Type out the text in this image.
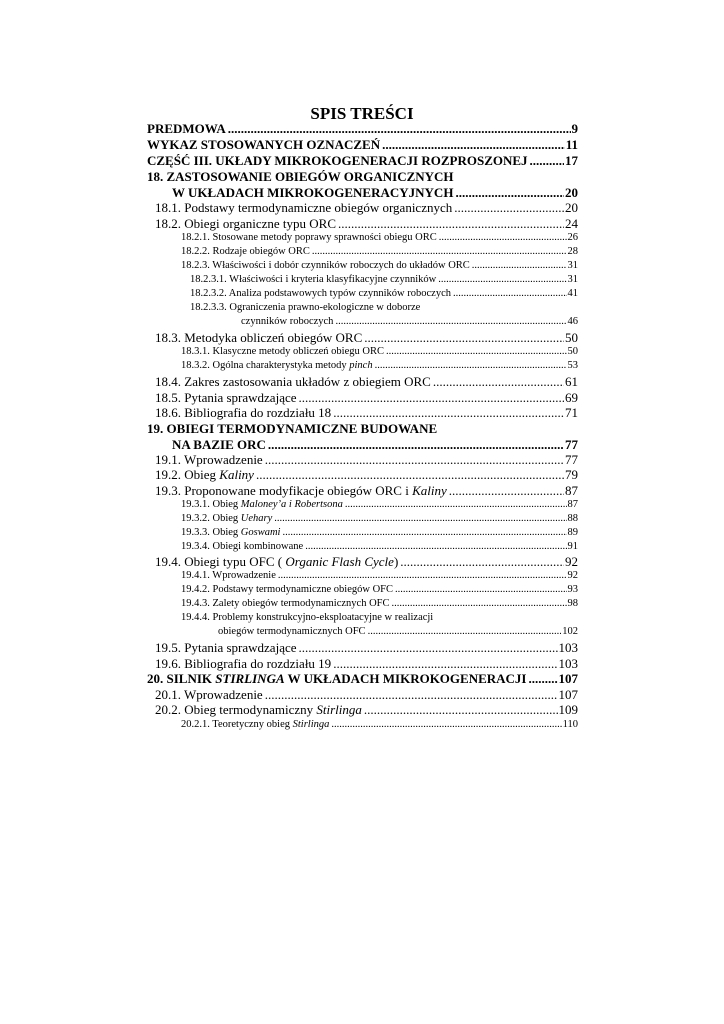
SPIS TREŚCI
PREDMOWA .....	9
WYKAZ STOSOWANYCH OZNACZEŃ .....	11
CZĘŚĆ III. UKŁADY MIKROKOGENERACJI ROZPROSZONEJ .....	17
18. ZASTOSOWANIE OBIEGÓW ORGANICZNYCH
W UKŁADACH MIKROKOGENERACYJNYCH .....	20
18.1. Podstawy termodynamiczne obiegów organicznych .....	20
18.2. Obiegi organiczne typu ORC .....	24
18.2.1. Stosowane metody poprawy sprawności obiegu ORC .....	26
18.2.2. Rodzaje obiegów ORC .....	28
18.2.3. Właściwości i dobór czynników roboczych do układów ORC .....	31
18.2.3.1. Właściwości i kryteria klasyfikacyjne czynników .....	31
18.2.3.2. Analiza podstawowych typów czynników roboczych .....	41
18.2.3.3. Ograniczenia prawno-ekologiczne w doborze
czynników roboczych .....	46
18.3. Metodyka obliczeń obiegów ORC .....	50
18.3.1. Klasyczne metody obliczeń obiegu ORC .....	50
18.3.2. Ogólna charakterystyka metody pinch .....	53
18.4. Zakres zastosowania układów z obiegiem ORC .....	61
18.5. Pytania sprawdzające .....	69
18.6. Bibliografia do rozdziału 18 .....	71
19. OBIEGI TERMODYNAMICZNE BUDOWANE
NA BAZIE ORC .....	77
19.1. Wprowadzenie .....	77
19.2. Obieg Kaliny .....	79
19.3. Proponowane modyfikacje obiegów ORC i Kaliny .....	87
19.3.1. Obieg Maloney’a i Robertsona .....	87
19.3.2. Obieg Uehary .....	88
19.3.3. Obieg Goswami .....	89
19.3.4. Obiegi kombinowane .....	91
19.4. Obiegi typu OFC ( Organic Flash Cycle) .....	92
19.4.1. Wprowadzenie .....	92
19.4.2. Podstawy termodynamiczne obiegów OFC .....	93
19.4.3. Zalety obiegów termodynamicznych OFC .....	98
19.4.4. Problemy konstrukcyjno-eksploatacyjne w realizacji
obiegów termodynamicznych OFC .....	102
19.5. Pytania sprawdzające .....	103
19.6. Bibliografia do rozdziału 19 .....	103
20. SILNIK STIRLINGA W UKŁADACH MIKROKOGENERACJI ..... 107
20.1. Wprowadzenie .....	107
20.2. Obieg termodynamiczny Stirlinga .....	109
20.2.1. Teoretyczny obieg Stirlinga .....	110
